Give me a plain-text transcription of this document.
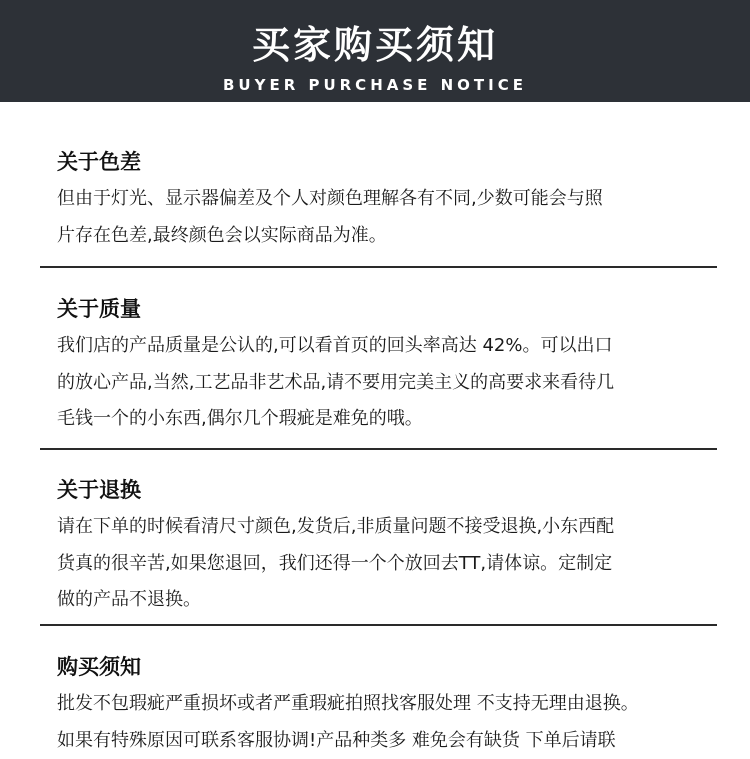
买家购买须知
BUYER PURCHASE NOTICE
关于色差

但由于灯光、显示器偏差及个人对颜色理解各有不同,少数可能会与照
片存在色差,最终颜色会以实际商品为准。

关于质量

我们店的产品质量是公认的,可以看首页的回头率高达 42%。可以出口
的放心产品,当然,工艺品非艺术品,请不要用完美主义的高要求来看待几
毛钱一个的小东西,偶尔几个瑕疵是难免的哦。

关于退换

请在下单的时候看清尺寸颜色,发货后,非质量问题不接受退换,小东西配
货真的很辛苦,如果您退回，我们还得一个个放回去TT,请体谅。定制定
做的产品不退换。

购买须知

批发不包瑕疵严重损坏或者严重瑕疵拍照找客服处理 不支持无理由退换。
如果有特殊原因可联系客服协调!产品种类多 难免会有缺货 下单后请联
